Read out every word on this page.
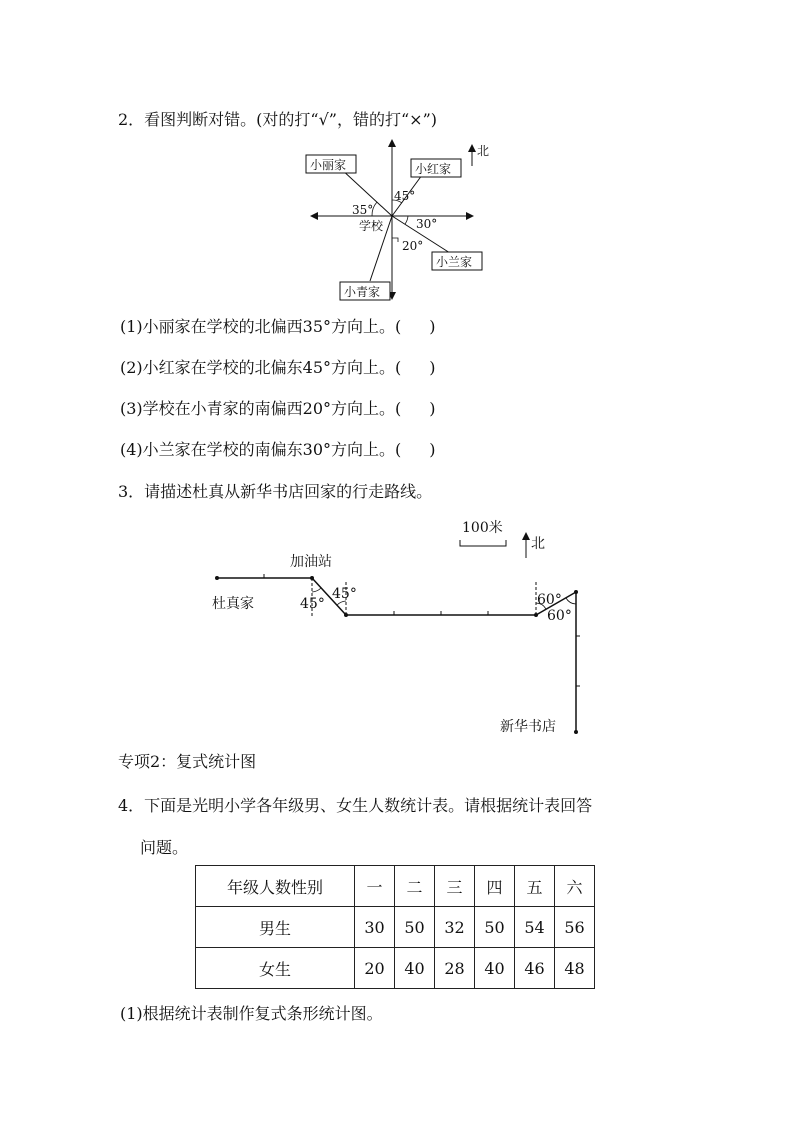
2．看图判断对错。(对的打“√”，错的打“×”)
北
小丽家	小红家
小兰家
小青家
45°
35°
30°
学校
20°
(1)小丽家在学校的北偏西35°方向上。( )
(2)小红家在学校的北偏东45°方向上。( )
(3)学校在小青家的南偏西20°方向上。( )
(4)小兰家在学校的南偏东30°方向上。( )
3．请描述杜真从新华书店回家的行走路线。
100米
北
加油站
杜真家
新华书店
45°
45°	60°
60°
专项2：复式统计图
4．下面是光明小学各年级男、女生人数统计表。请根据统计表回答
问题。
年级人数性别	一	二	三	四	五	六
男生	30	50	32	50	54	56
女生	20	40	28	40	46	48
(1)根据统计表制作复式条形统计图。
